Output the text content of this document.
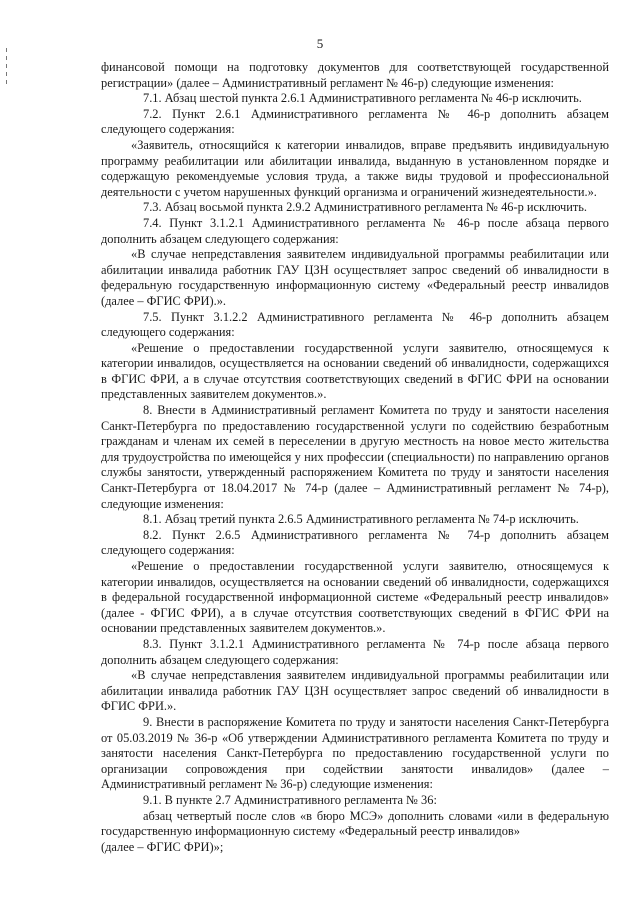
5

финансовой помощи на подготовку документов для соответствующей государственной регистрации» (далее – Административный регламент № 46-р) следующие изменения:

7.1. Абзац шестой пункта 2.6.1 Административного регламента № 46-р исключить.

7.2. Пункт 2.6.1 Административного регламента № 46-р дополнить абзацем следующего содержания:

«Заявитель, относящийся к категории инвалидов, вправе предъявить индивидуальную программу реабилитации или абилитации инвалида, выданную в установленном порядке и содержащую рекомендуемые условия труда, а также виды трудовой и профессиональной деятельности с учетом нарушенных функций организма и ограничений жизнедеятельности.».

7.3. Абзац восьмой пункта 2.9.2 Административного регламента № 46-р исключить.

7.4. Пункт 3.1.2.1 Административного регламента № 46-р после абзаца первого дополнить абзацем следующего содержания:

«В случае непредставления заявителем индивидуальной программы реабилитации или абилитации инвалида работник ГАУ ЦЗН осуществляет запрос сведений об инвалидности в федеральную государственную информационную систему «Федеральный реестр инвалидов (далее – ФГИС ФРИ).».

7.5. Пункт 3.1.2.2 Административного регламента № 46-р дополнить абзацем следующего содержания:

«Решение о предоставлении государственной услуги заявителю, относящемуся к категории инвалидов, осуществляется на основании сведений об инвалидности, содержащихся в ФГИС ФРИ, а в случае отсутствия соответствующих сведений в ФГИС ФРИ на основании представленных заявителем документов.».

8. Внести в Административный регламент Комитета по труду и занятости населения Санкт-Петербурга по предоставлению государственной услуги по содействию безработным гражданам и членам их семей в переселении в другую местность на новое место жительства для трудоустройства по имеющейся у них профессии (специальности) по направлению органов службы занятости, утвержденный распоряжением Комитета по труду и занятости населения Санкт-Петербурга от 18.04.2017 № 74-р (далее – Административный регламент № 74-р), следующие изменения:

8.1. Абзац третий пункта 2.6.5 Административного регламента № 74-р исключить.

8.2. Пункт 2.6.5 Административного регламента № 74-р дополнить абзацем следующего содержания:

«Решение о предоставлении государственной услуги заявителю, относящемуся к категории инвалидов, осуществляется на основании сведений об инвалидности, содержащихся в федеральной государственной информационной системе «Федеральный реестр инвалидов» (далее - ФГИС ФРИ), а в случае отсутствия соответствующих сведений в ФГИС ФРИ на основании представленных заявителем документов.».

8.3. Пункт 3.1.2.1 Административного регламента № 74-р после абзаца первого дополнить абзацем следующего содержания:

«В случае непредставления заявителем индивидуальной программы реабилитации или абилитации инвалида работник ГАУ ЦЗН осуществляет запрос сведений об инвалидности в ФГИС ФРИ.».

9. Внести в распоряжение Комитета по труду и занятости населения Санкт-Петербурга от 05.03.2019 № 36-р «Об утверждении Административного регламента Комитета по труду и занятости населения Санкт-Петербурга по предоставлению государственной услуги по организации сопровождения при содействии занятости инвалидов» (далее – Административный регламент № 36-р) следующие изменения:

9.1. В пункте 2.7 Административного регламента № 36:

абзац четвертый после слов «в бюро МСЭ» дополнить словами «или в федеральную государственную информационную систему «Федеральный реестр инвалидов»

(далее – ФГИС ФРИ)»;
